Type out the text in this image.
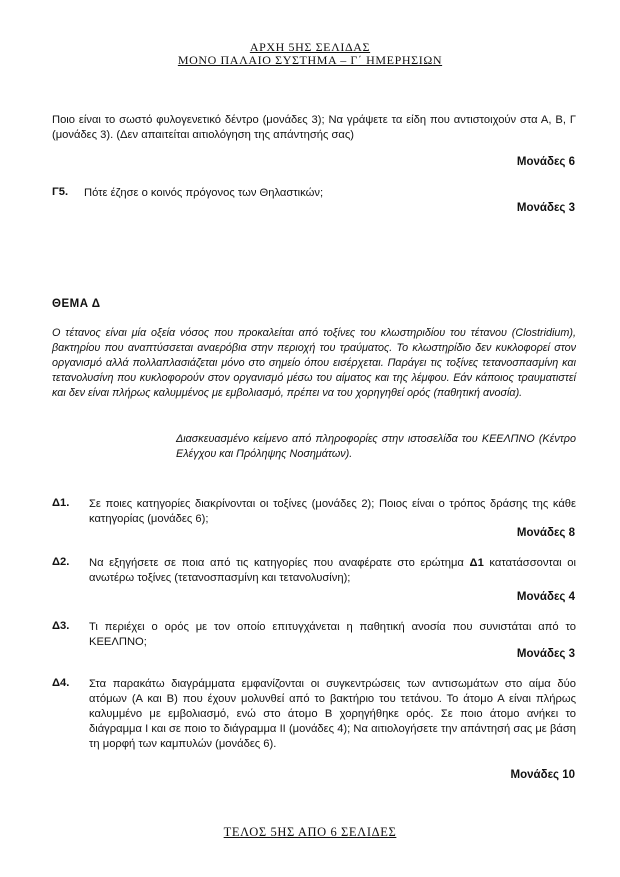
ΑΡΧΗ 5ΗΣ ΣΕΛΙΔΑΣ
ΜΟΝΟ ΠΑΛΑΙΟ ΣΥΣΤΗΜΑ – Γ΄ ΗΜΕΡΗΣΙΩΝ
Ποιο είναι το σωστό φυλογενετικό δέντρο (μονάδες 3); Να γράψετε τα είδη που αντιστοιχούν στα Α, Β, Γ (μονάδες 3). (Δεν απαιτείται αιτιολόγηση της απάντησής σας)
Μονάδες 6
Γ5. Πότε έζησε ο κοινός πρόγονος των Θηλαστικών;
Μονάδες 3
ΘΕΜΑ Δ
Ο τέτανος είναι μία οξεία νόσος που προκαλείται από τοξίνες του κλωστηριδίου του τέτανου (Clostridium), βακτηρίου που αναπτύσσεται αναερόβια στην περιοχή του τραύματος. Το κλωστηρίδιο δεν κυκλοφορεί στον οργανισμό αλλά πολλαπλασιάζεται μόνο στο σημείο όπου εισέρχεται. Παράγει τις τοξίνες τετανοσπασμίνη και τετανολυσίνη που κυκλοφορούν στον οργανισμό μέσω του αίματος και της λέμφου. Εάν κάποιος τραυματιστεί και δεν είναι πλήρως καλυμμένος με εμβολιασμό, πρέπει να του χορηγηθεί ορός (παθητική ανοσία).
Διασκευασμένο κείμενο από πληροφορίες στην ιστοσελίδα του ΚΕΕΛΠΝΟ (Κέντρο Ελέγχου και Πρόληψης Νοσημάτων).
Δ1. Σε ποιες κατηγορίες διακρίνονται οι τοξίνες (μονάδες 2); Ποιος είναι ο τρόπος δράσης της κάθε κατηγορίας (μονάδες 6);
Μονάδες 8
Δ2. Να εξηγήσετε σε ποια από τις κατηγορίες που αναφέρατε στο ερώτημα Δ1 κατατάσσονται οι ανωτέρω τοξίνες (τετανοσπασμίνη και τετανολυσίνη);
Μονάδες 4
Δ3. Τι περιέχει ο ορός με τον οποίο επιτυγχάνεται η παθητική ανοσία που συνιστάται από το ΚΕΕΛΠΝΟ;
Μονάδες 3
Δ4. Στα παρακάτω διαγράμματα εμφανίζονται οι συγκεντρώσεις των αντισωμάτων στο αίμα δύο ατόμων (Α και Β) που έχουν μολυνθεί από το βακτήριο του τετάνου. Το άτομο Α είναι πλήρως καλυμμένο με εμβολιασμό, ενώ στο άτομο Β χορηγήθηκε ορός. Σε ποιο άτομο ανήκει το διάγραμμα Ι και σε ποιο το διάγραμμα ΙΙ (μονάδες 4); Να αιτιολογήσετε την απάντησή σας με βάση τη μορφή των καμπυλών (μονάδες 6).
Μονάδες 10
ΤΕΛΟΣ 5ΗΣ ΑΠΟ 6 ΣΕΛΙΔΕΣ
